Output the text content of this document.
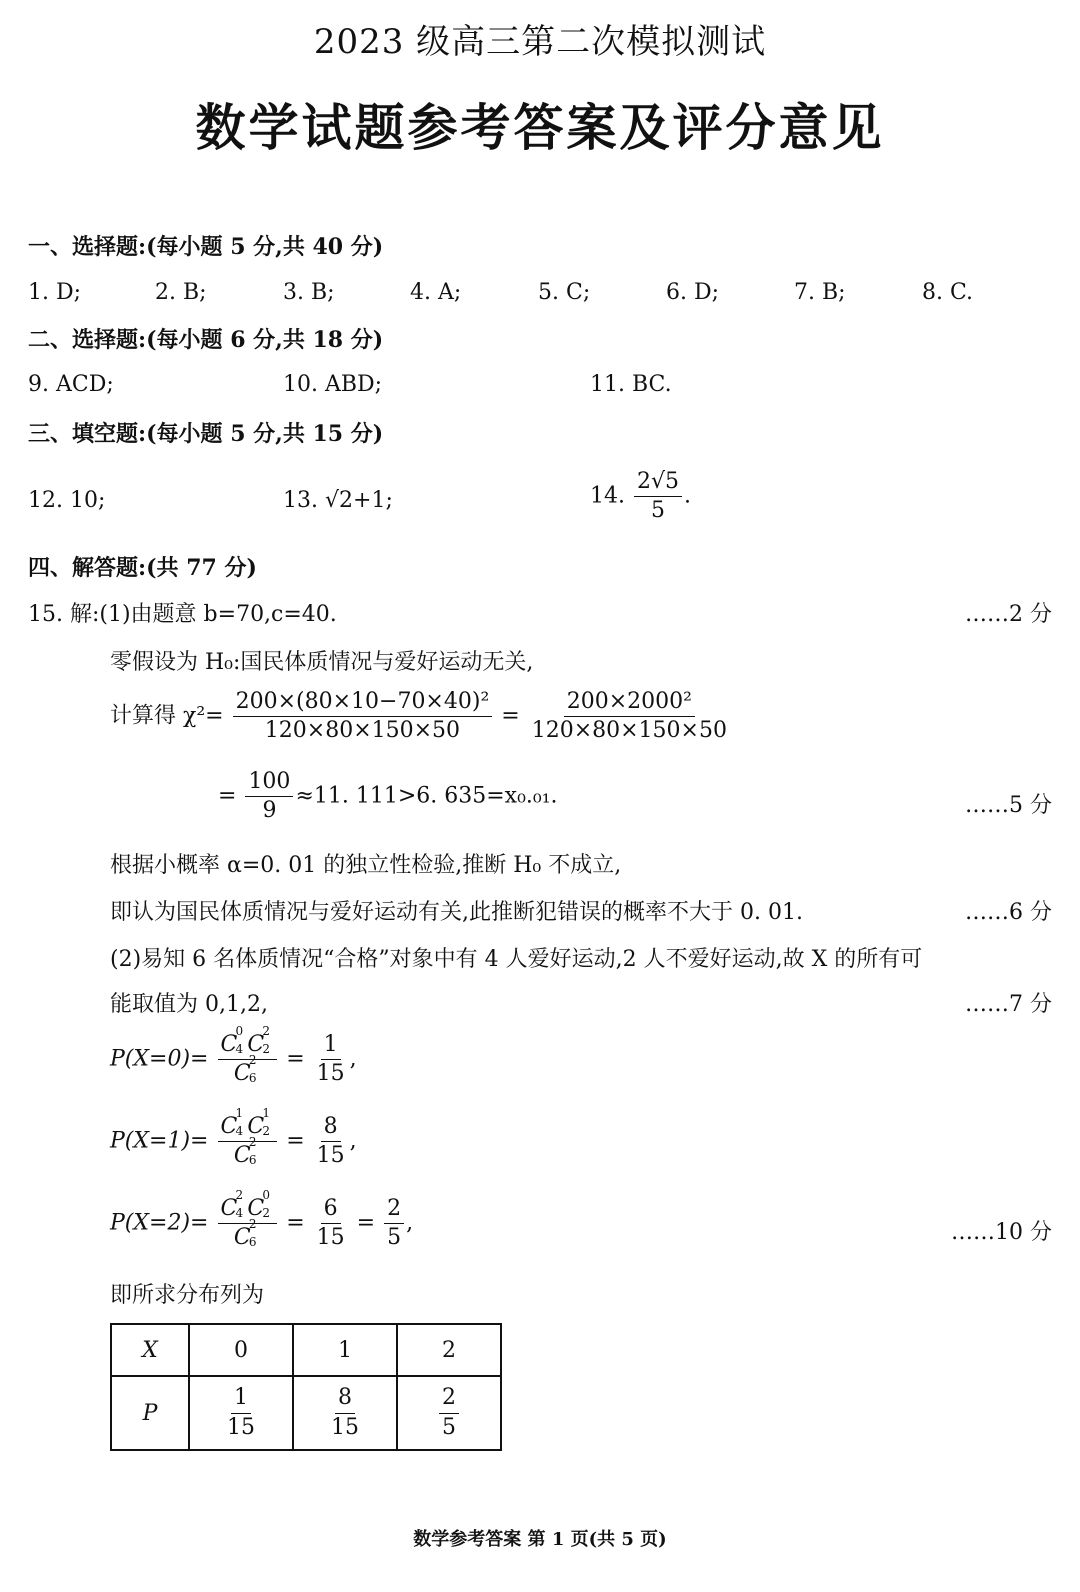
2023 级高三第二次模拟测试
数学试题参考答案及评分意见
一、选择题:(每小题 5 分,共 40 分)
1. D;	2. B;	3. B;	4. A;	5. C;	6. D;	7. B;	8. C.
二、选择题:(每小题 6 分,共 18 分)
9. ACD;	10. ABD;	11. BC.
三、填空题:(每小题 5 分,共 15 分)
12. 10;	13. √2+1;	14. $\frac{2√5}{5}$ .
四、解答题:(共 77 分)
15. 解:(1)由题意 b=70,c=40.	……2 分
零假设为 H₀:国民体质情况与爱好运动无关,
计算得 $\chi^2= \frac{\text{200×(80×10−70×40)²}}{120\times 80\times 150\times 50} = \frac{\text{200×2000²}}{120\times 80\times 150\times 50}$
= $\frac{100}{9} \approx 11$. 111>6. 635=x₀.₀₁.	……5 分
根据小概率 α=0. 01 的独立性检验,推断 H₀ 不成立,
即认为国民体质情况与爱好运动有关,此推断犯错误的概率不大于 0. 01.	……6 分
(2)易知 6 名体质情况“合格”对象中有 4 人爱好运动,2 人不爱好运动,故 X 的所有可
能取值为 0,1,2,	……7 分
P(X=0)= C
0
4 C
2
2
C
2
$6 = \frac{1}{15}$ ,
P(X=1)= C
1
4 C
1
2
C
2
$6 = \frac{8}{15}$ ,
P(X=2)= C
2
4 C
0
2
C
2
$6 = \frac{6}{15} = \frac{2}{5}$ ,	……10 分
即所求分布列为
X	0	1	2
P	$\frac{1}{15}$	$\frac{8}{15}$	$\frac{2}{5}$
数学参考答案 第 1 页(共 5 页)
